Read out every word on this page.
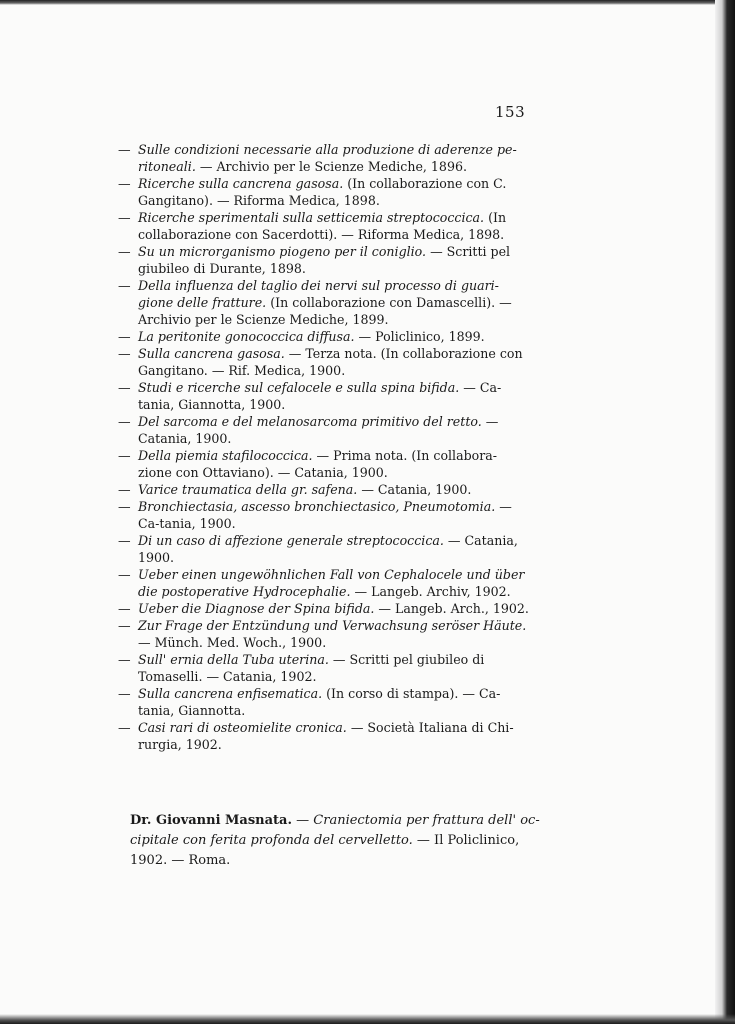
153
— Sulle condizioni necessarie alla produzione di aderenze pe-ritoneali. — Archivio per le Scienze Mediche, 1896.
— Ricerche sulla cancrena gasosa. (In collaborazione con C. Gangitano). — Riforma Medica, 1898.
— Ricerche sperimentali sulla setticemia streptococcica. (In collaborazione con Sacerdotti). — Riforma Medica, 1898.
— Su un microrganismo piogeno per il coniglio. — Scritti pel giubileo di Durante, 1898.
— Della influenza del taglio dei nervi sul processo di guari-gione delle fratture. (In collaborazione con Damascelli). — Archivio per le Scienze Mediche, 1899.
— La peritonite gonococcica diffusa. — Policlinico, 1899.
— Sulla cancrena gasosa. — Terza nota. (In collaborazione con Gangitano. — Rif. Medica, 1900.
— Studi e ricerche sul cefalocele e sulla spina bifida. — Ca-tania, Giannotta, 1900.
— Del sarcoma e del melanosarcoma primitivo del retto. — Catania, 1900.
— Della piemia stafilococcica. — Prima nota. (In collabora-zione con Ottaviano). — Catania, 1900.
— Varice traumatica della gr. safena. — Catania, 1900.
— Bronchiectasia, ascesso bronchiectasico, Pneumotomia. — Ca-tania, 1900.
— Di un caso di affezione generale streptococcica. — Catania, 1900.
— Ueber einen ungewöhnlichen Fall von Cephalocele und über die postoperative Hydrocephalie. — Langeb. Archiv, 1902.
— Ueber die Diagnose der Spina bifida. — Langeb. Arch., 1902.
— Zur Frage der Entzündung und Verwachsung seröser Häute. — Münch. Med. Woch., 1900.
— Sull' ernia della Tuba uterina. — Scritti pel giubileo di Tomaselli. — Catania, 1902.
— Sulla cancrena enfisematica. (In corso di stampa). — Ca-tania, Giannotta.
— Casi rari di osteomielite cronica. — Società Italiana di Chi-rurgia, 1902.
Dr. Giovanni Masnata. — Craniectomia per frattura dell' oc-cipitale con ferita profonda del cervelletto. — Il Policlinico, 1902. — Roma.
